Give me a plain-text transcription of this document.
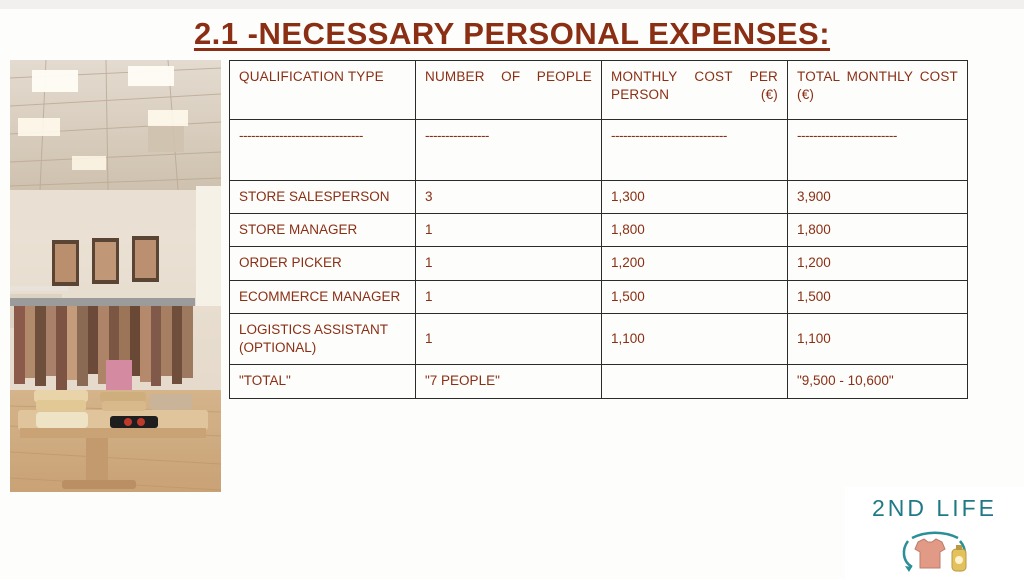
2.1 -NECESSARY PERSONAL EXPENSES:
QUALIFICATION TYPE	NUMBER OF PEOPLE	MONTHLY COST PER PERSON (€)	TOTAL MONTHLY COST (€)
-------------------------------	----------------	-----------------------------	-------------------------
STORE SALESPERSON	3	1,300	3,900
STORE MANAGER	1	1,800	1,800
ORDER PICKER	1	1,200	1,200
ECOMMERCE MANAGER	1	1,500	1,500
LOGISTICS ASSISTANT (OPTIONAL)	1	1,100	1,100
"TOTAL"	"7 PEOPLE"		"9,500 - 10,600"
2ND LIFE
